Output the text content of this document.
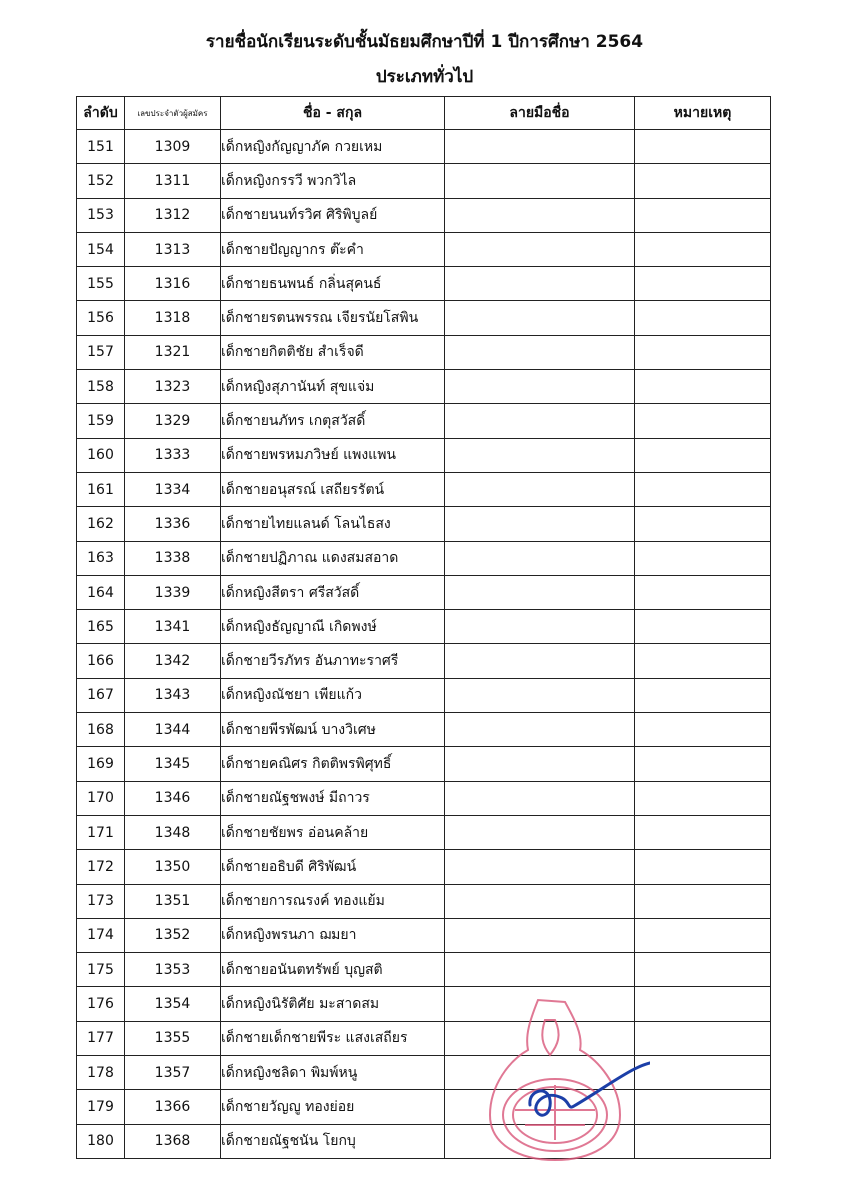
รายชื่อนักเรียนระดับชั้นมัธยมศึกษาปีที่ 1 ปีการศึกษา 2564
ประเภททั่วไป
ลำดับ	เลขประจำตัวผู้สมัคร	ชื่อ - สกุล	ลายมือชื่อ	หมายเหตุ
151	1309	เด็กหญิงกัญญาภัค กวยเหม		
152	1311	เด็กหญิงกรรวี พวกวิไล		
153	1312	เด็กชายนนท์รวิศ ศิริพิบูลย์		
154	1313	เด็กชายปัญญากร ต๊ะคำ		
155	1316	เด็กชายธนพนธ์ กลิ่นสุคนธ์		
156	1318	เด็กชายรตนพรรณ เจียรนัยโสพิน		
157	1321	เด็กชายกิตติชัย สำเร็จดี		
158	1323	เด็กหญิงสุภานันท์ สุขแจ่ม		
159	1329	เด็กชายนภัทร เกตุสวัสดิ์		
160	1333	เด็กชายพรหมภวิษย์ แพงแพน		
161	1334	เด็กชายอนุสรณ์ เสถียรรัตน์		
162	1336	เด็กชายไทยแลนด์ โลนไธสง		
163	1338	เด็กชายปฏิภาณ แดงสมสอาด		
164	1339	เด็กหญิงสีตรา ศรีสวัสดิ์		
165	1341	เด็กหญิงธัญญาณี เกิดพงษ์		
166	1342	เด็กชายวีรภัทร อันภาทะราศรี		
167	1343	เด็กหญิงณัชยา เพียแก้ว		
168	1344	เด็กชายพีรพัฒน์ บางวิเศษ		
169	1345	เด็กชายคณิศร กิตติพรพิศุทธิ์		
170	1346	เด็กชายณัฐชพงษ์ มีถาวร		
171	1348	เด็กชายชัยพร อ่อนคล้าย		
172	1350	เด็กชายอธิบดี ศิริพัฒน์		
173	1351	เด็กชายการณรงค์ ทองแย้ม		
174	1352	เด็กหญิงพรนภา ฌมยา		
175	1353	เด็กชายอนันตทรัพย์ บุญสติ		
176	1354	เด็กหญิงนิรัติศัย มะสาดสม		
177	1355	เด็กชายเด็กชายพีระ แสงเสถียร		
178	1357	เด็กหญิงชลิดา พิมพ์หนู		
179	1366	เด็กชายวัญญู ทองย่อย		
180	1368	เด็กชายณัฐชนัน โยกบุ		
